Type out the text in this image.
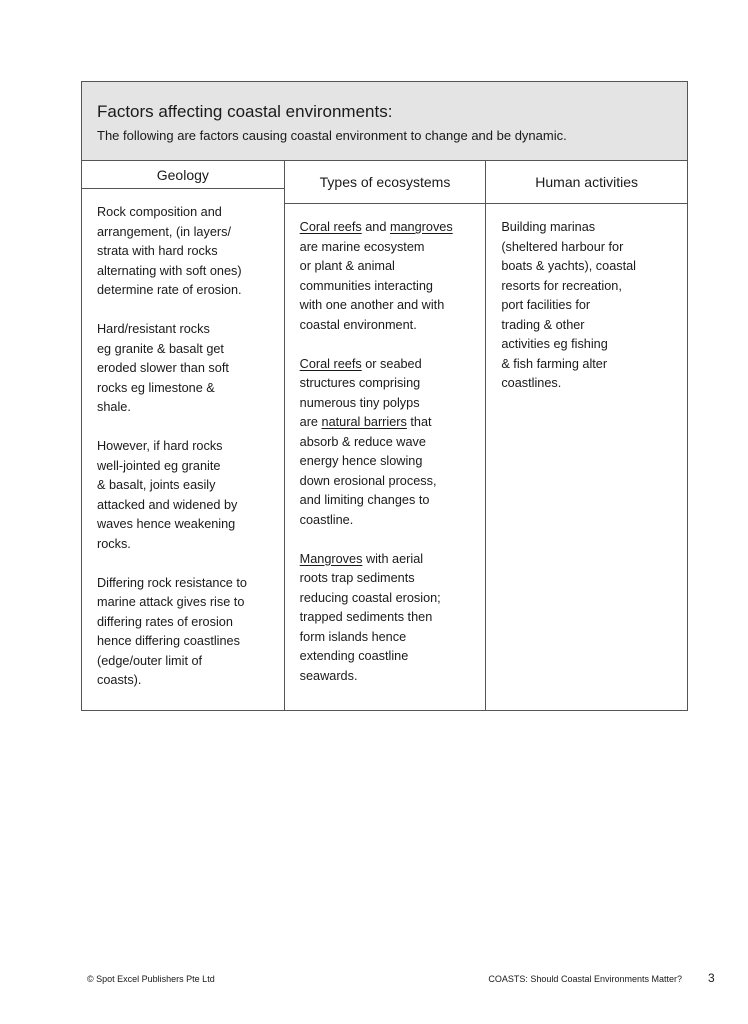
Factors affecting coastal environments:

The following are factors causing coastal environment to change and be dynamic.

Geology

Rock composition and
arrangement, (in layers/
strata with hard rocks
alternating with soft ones)
determine rate of erosion.

Hard/resistant rocks
eg granite & basalt get
eroded slower than soft
rocks eg limestone &
shale.

However, if hard rocks
well-jointed eg granite
& basalt, joints easily
attacked and widened by
waves hence weakening
rocks.

Differing rock resistance to
marine attack gives rise to
differing rates of erosion
hence differing coastlines
(edge/outer limit of
coasts).

Types of ecosystems

Coral reefs and mangroves
are marine ecosystem
or plant & animal
communities interacting
with one another and with
coastal environment.

Coral reefs or seabed
structures comprising
numerous tiny polyps
are natural barriers that
absorb & reduce wave
energy hence slowing
down erosional process,
and limiting changes to
coastline.

Mangroves with aerial
roots trap sediments
reducing coastal erosion;
trapped sediments then
form islands hence
extending coastline
seawards.

Human activities

Building marinas
(sheltered harbour for
boats & yachts), coastal
resorts for recreation,
port facilities for
trading & other
activities eg fishing
& fish farming alter
coastlines.

© Spot Excel Publishers Pte Ltd	COASTS: Should Coastal Environments Matter? 3
